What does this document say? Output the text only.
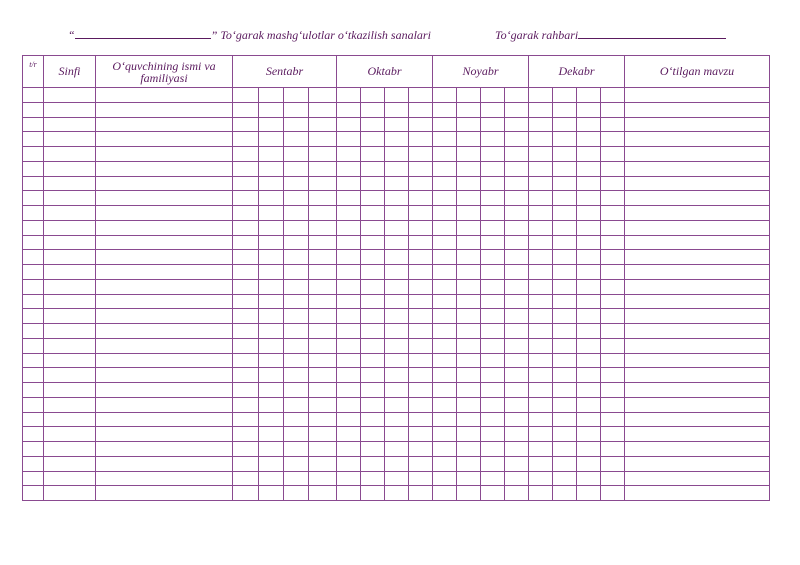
“	” To‘garak mashg‘ulotlar o‘tkazilish sanalari	To‘garak rahbari
t/r	Sinfi	O‘quvchining ismi va familiyasi	Sentabr				Oktabr				Noyabr				Dekabr				O‘tilgan mavzu
